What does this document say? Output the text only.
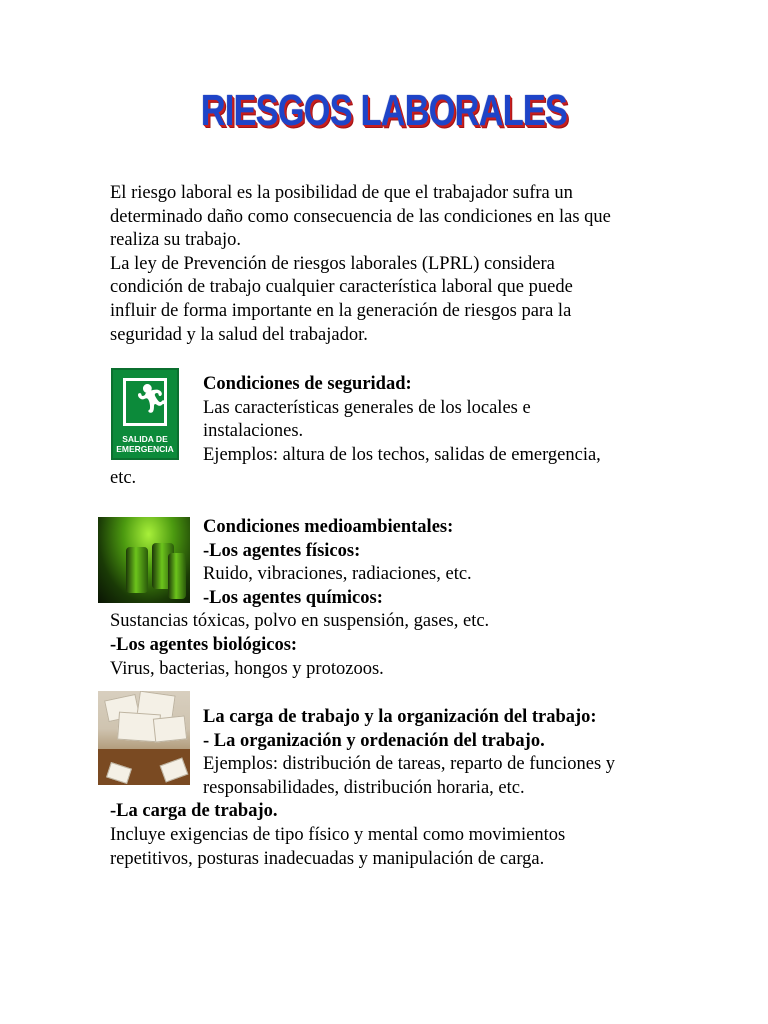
RIESGOS LABORALES

El riesgo laboral es la posibilidad de que el trabajador sufra un

determinado daño como consecuencia de las condiciones en las que

realiza su trabajo.

La ley de Prevención de riesgos laborales (LPRL) considera

condición de trabajo cualquier característica laboral que puede

influir de forma importante en la generación de riesgos para la

seguridad y la salud del trabajador.

🏃︎
SALIDA DE
EMERGENCIA

Condiciones de seguridad:

Las características generales de los locales e

instalaciones.

Ejemplos: altura de los techos, salidas de emergencia,

etc.

Condiciones medioambientales:

-Los agentes físicos:

Ruido, vibraciones, radiaciones, etc.

-Los agentes químicos:

Sustancias tóxicas, polvo en suspensión, gases, etc.

-Los agentes biológicos:

Virus, bacterias, hongos y protozoos.

La carga de trabajo y la organización del trabajo:

- La organización y ordenación del trabajo.

Ejemplos: distribución de tareas, reparto de funciones y

responsabilidades, distribución horaria, etc.

-La carga de trabajo.

Incluye exigencias de tipo físico y mental como movimientos

repetitivos, posturas inadecuadas y manipulación de carga.
